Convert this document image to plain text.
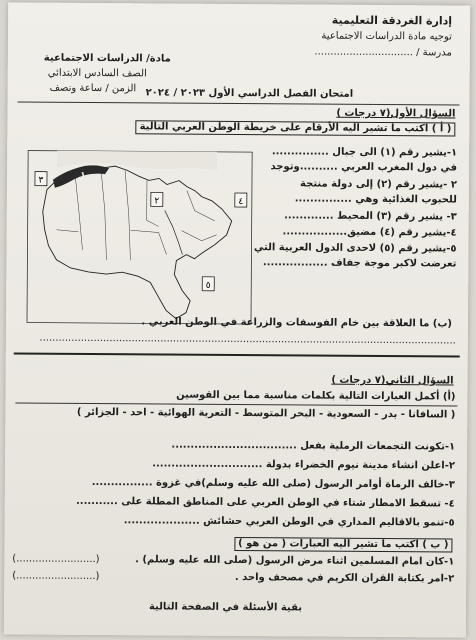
إدارة الغردقة التعليمية
توجيه مادة الدراسات الاجتماعية
مدرسة / ...............................
مادة/ الدراسات الاجتماعية
الصف السادس الابتدائي
الزمن / ساعة ونصف امتحان الفصل الدراسي الأول ٢٠٢٣ / ٢٠٢٤
السؤال الأول(٧ درجات )
( أ ) اكتب ما تشير اليه الأرقام على خريطة الوطن العربي التالية
١-يشير رقم (١) الى جبال ...............
في دول المغرب العربي ..........وتوجد
٢ -يشير رقم (٢) إلى دولة منتجة
للحبوب الغذائية وهي ...............
٣- يشير رقم (٣) المحيط .............
٤-يشير رقم (٤) مضيق.................
٥-يشير رقم (٥) لاحدى الدول العربية التي
تعرضت لاكبر موجة جفاف .................
١
٣
٢	٤
٥
(ب) ما العلاقة بين خام الفوسفات والزراعة في الوطن العربي .
...................................................................................................................................
السؤال الثاني(٧ درجات )
(أ) أكمل العبارات التالية بكلمات مناسبة مما بين القوسين
( السافانا - بدر - السعودية - البحر المتوسط - التعرية الهوائية - احد - الجزائر )
١-تكونت التجمعات الرملية بفعل .................................
٢-اعلن انشاء مدينة نيوم الخضراء بدولة .............................
٣-خالف الرماة أوامر الرسول (صلى الله عليه وسلم)في غزوة ................
٤- تسقط الامطار شتاء في الوطن العربي على المناطق المطلة على ...........
٥-تنمو بالاقاليم المداري في الوطن العربي حشائش ....................
( ب ) اكتب ما تشير اليه العبارات ( من هو )
١-كان امام المسلمين اثناء مرض الرسول (صلى الله عليه وسلم) .
٢-امر بكتابة القران الكريم في مصحف واحد .
(.........................)
(.........................)
بقية الأسئلة في الصفحة التالية
